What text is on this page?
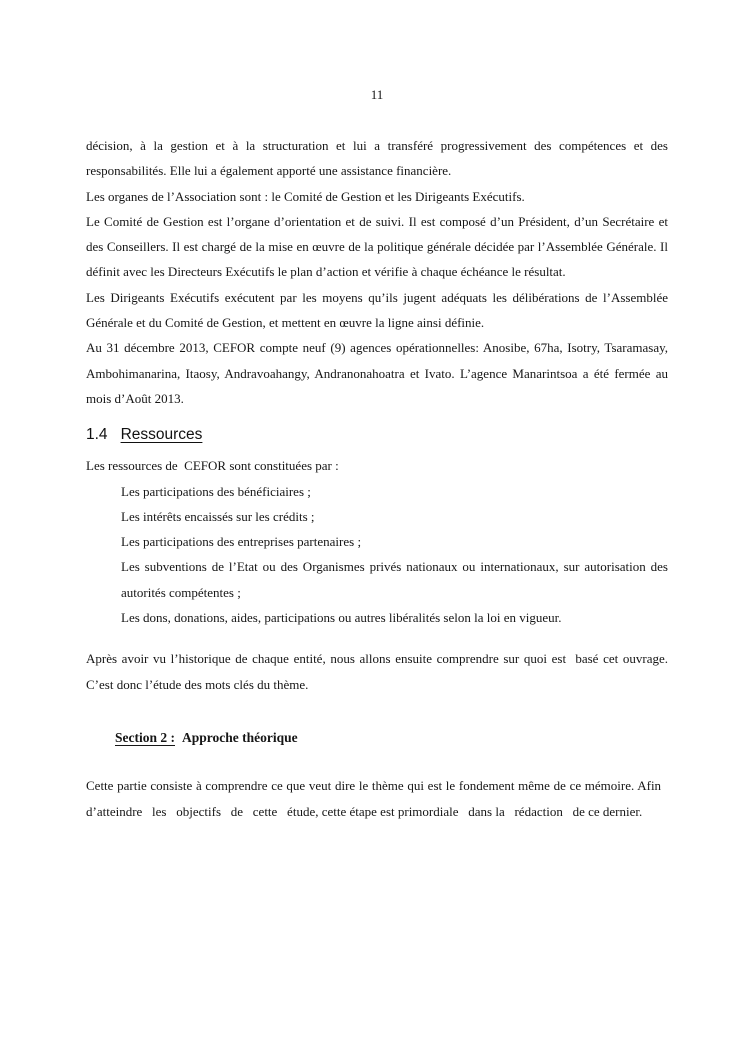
11

décision, à la gestion et à la structuration et lui a transféré progressivement des compétences et des responsabilités. Elle lui a également apporté une assistance financière.

Les organes de l’Association sont : le Comité de Gestion et les Dirigeants Exécutifs.

Le Comité de Gestion est l’organe d’orientation et de suivi. Il est composé d’un Président, d’un Secrétaire et des Conseillers. Il est chargé de la mise en œuvre de la politique générale décidée par l’Assemblée Générale. Il définit avec les Directeurs Exécutifs le plan d’action et vérifie à chaque échéance le résultat.

Les Dirigeants Exécutifs exécutent par les moyens qu’ils jugent adéquats les délibérations de l’Assemblée Générale et du Comité de Gestion, et mettent en œuvre la ligne ainsi définie.

Au 31 décembre 2013, CEFOR compte neuf (9) agences opérationnelles: Anosibe, 67ha, Isotry, Tsaramasay, Ambohimanarina, Itaosy, Andravoahangy, Andranonahoatra et Ivato. L’agence Manarintsoa a été fermée au mois d’Août 2013.

1.4 Ressources

Les ressources de  CEFOR sont constituées par :

Les participations des bénéficiaires ;

Les intérêts encaissés sur les crédits ;

Les participations des entreprises partenaires ;

Les subventions de l’Etat ou des Organismes privés nationaux ou internationaux, sur autorisation des autorités compétentes ;

Les dons, donations, aides, participations ou autres libéralités selon la loi en vigueur.

Après avoir vu l’historique de chaque entité, nous allons ensuite comprendre sur quoi est  basé cet ouvrage. C’est donc l’étude des mots clés du thème.

Section 2 : Approche théorique

Cette partie consiste à comprendre ce que veut dire le thème qui est le fondement même de ce mémoire. Afin   d’atteindre   les   objectifs   de   cette   étude, cette étape est primordiale   dans la   rédaction   de ce dernier.
